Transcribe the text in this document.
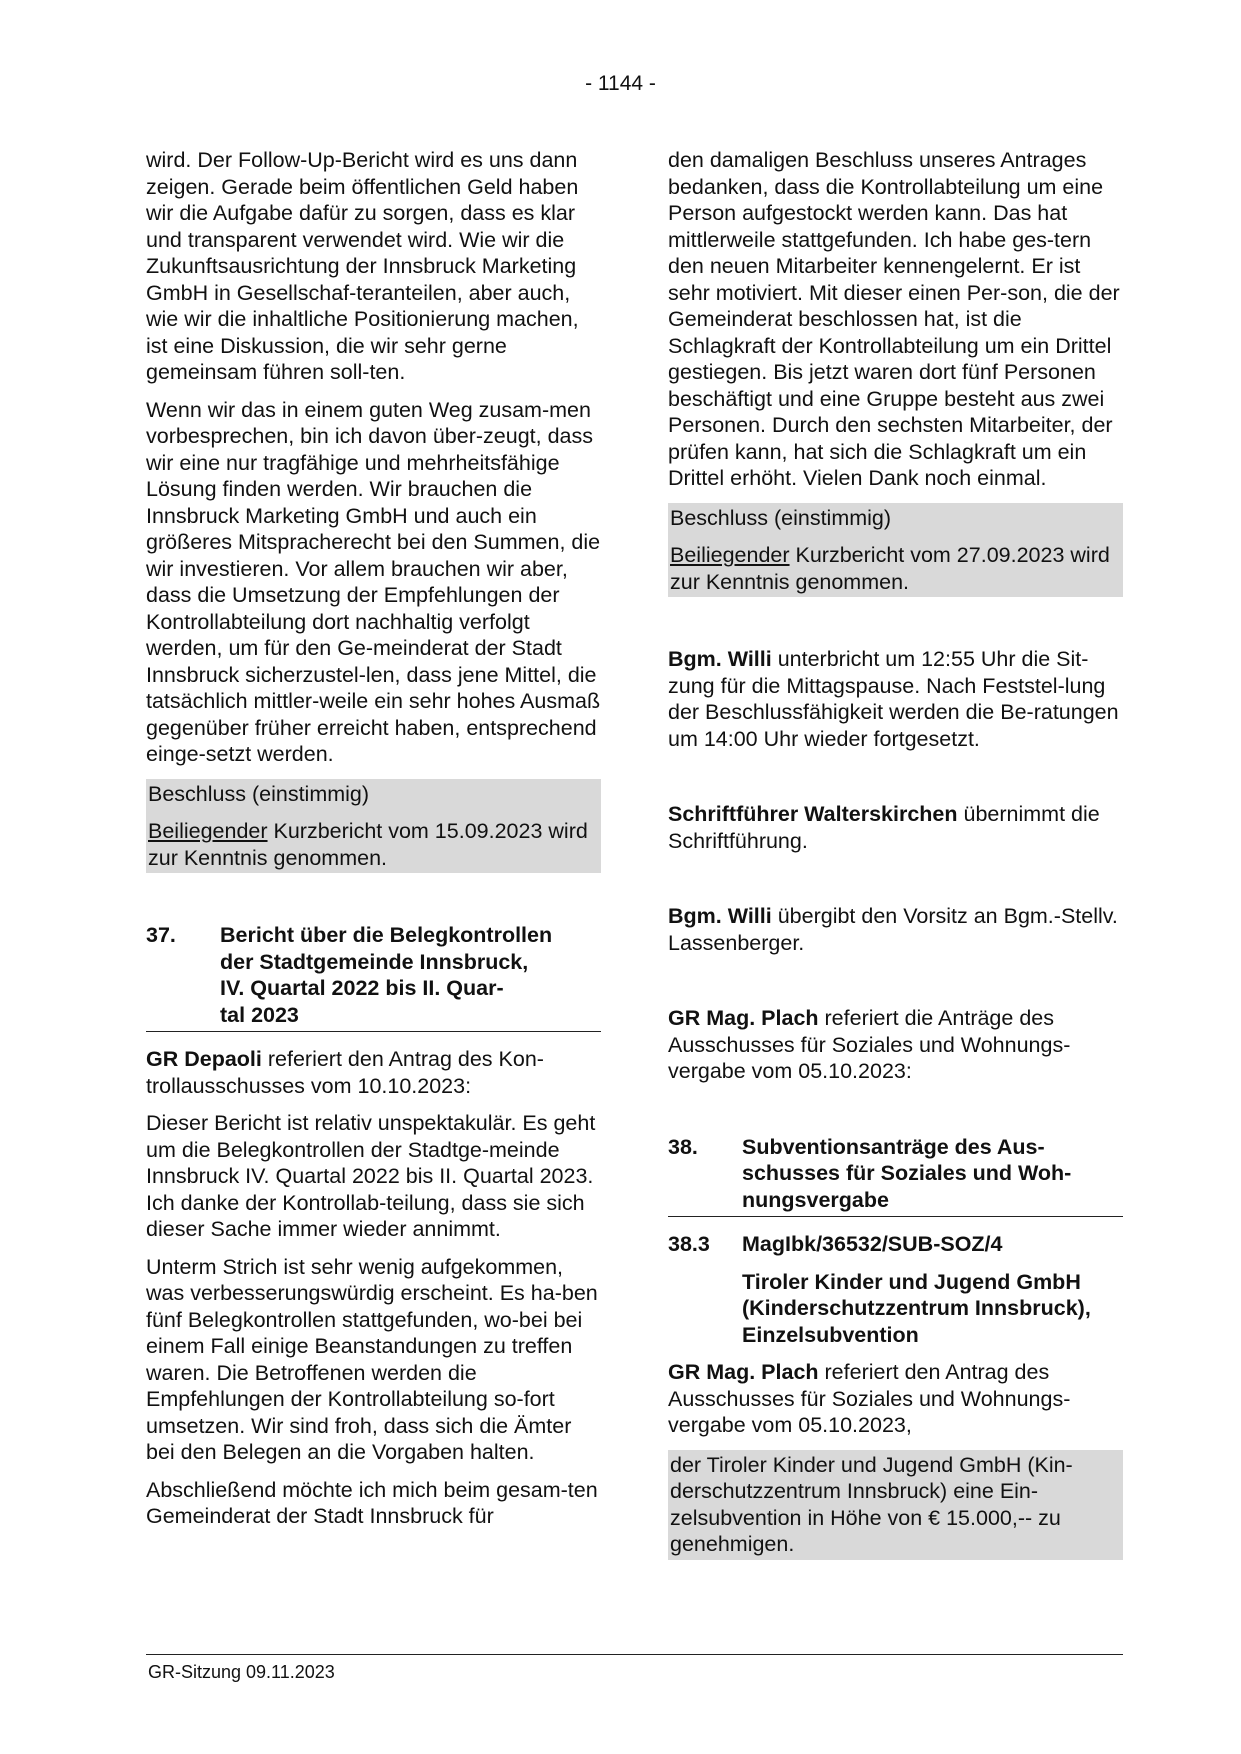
- 1144 -

wird. Der Follow-Up-Bericht wird es uns dann zeigen. Gerade beim öffentlichen Geld haben wir die Aufgabe dafür zu sorgen, dass es klar und transparent verwendet wird. Wie wir die Zukunftsausrichtung der Innsbruck Marketing GmbH in Gesellschaf-teranteilen, aber auch, wie wir die inhaltliche Positionierung machen, ist eine Diskussion, die wir sehr gerne gemeinsam führen soll-ten.

Wenn wir das in einem guten Weg zusam-men vorbesprechen, bin ich davon über-zeugt, dass wir eine nur tragfähige und mehrheitsfähige Lösung finden werden. Wir brauchen die Innsbruck Marketing GmbH und auch ein größeres Mitspracherecht bei den Summen, die wir investieren. Vor allem brauchen wir aber, dass die Umsetzung der Empfehlungen der Kontrollabteilung dort nachhaltig verfolgt werden, um für den Ge-meinderat der Stadt Innsbruck sicherzustel-len, dass jene Mittel, die tatsächlich mittler-weile ein sehr hohes Ausmaß gegenüber früher erreicht haben, entsprechend einge-setzt werden.

Beschluss (einstimmig)

Beiliegender Kurzbericht vom 15.09.2023 wird zur Kenntnis genommen.

37.	Bericht über die Belegkontrollen
der Stadtgemeinde Innsbruck,
IV. Quartal 2022 bis II. Quar-
tal 2023

GR Depaoli referiert den Antrag des Kon-trollausschusses vom 10.10.2023:

Dieser Bericht ist relativ unspektakulär. Es geht um die Belegkontrollen der Stadtge-meinde Innsbruck IV. Quartal 2022 bis II. Quartal 2023. Ich danke der Kontrollab-teilung, dass sie sich dieser Sache immer wieder annimmt.

Unterm Strich ist sehr wenig aufgekommen, was verbesserungswürdig erscheint. Es ha-ben fünf Belegkontrollen stattgefunden, wo-bei bei einem Fall einige Beanstandungen zu treffen waren. Die Betroffenen werden die Empfehlungen der Kontrollabteilung so-fort umsetzen. Wir sind froh, dass sich die Ämter bei den Belegen an die Vorgaben halten.

Abschließend möchte ich mich beim gesam-ten Gemeinderat der Stadt Innsbruck für

den damaligen Beschluss unseres Antrages bedanken, dass die Kontrollabteilung um eine Person aufgestockt werden kann. Das hat mittlerweile stattgefunden. Ich habe ges-tern den neuen Mitarbeiter kennengelernt. Er ist sehr motiviert. Mit dieser einen Per-son, die der Gemeinderat beschlossen hat, ist die Schlagkraft der Kontrollabteilung um ein Drittel gestiegen. Bis jetzt waren dort fünf Personen beschäftigt und eine Gruppe besteht aus zwei Personen. Durch den sechsten Mitarbeiter, der prüfen kann, hat sich die Schlagkraft um ein Drittel erhöht. Vielen Dank noch einmal.

Beschluss (einstimmig)

Beiliegender Kurzbericht vom 27.09.2023 wird zur Kenntnis genommen.

Bgm. Willi unterbricht um 12:55 Uhr die Sit-zung für die Mittagspause. Nach Feststel-lung der Beschlussfähigkeit werden die Be-ratungen um 14:00 Uhr wieder fortgesetzt.

Schriftführer Walterskirchen übernimmt die Schriftführung.

Bgm. Willi übergibt den Vorsitz an Bgm.-Stellv. Lassenberger.

GR Mag. Plach referiert die Anträge des Ausschusses für Soziales und Wohnungs-vergabe vom 05.10.2023:

38.	Subventionsanträge des Aus-
schusses für Soziales und Woh-
nungsvergabe
38.3	MagIbk/36532/SUB-SOZ/4
Tiroler Kinder und Jugend GmbH (Kinderschutzzentrum Innsbruck), Einzelsubvention

GR Mag. Plach referiert den Antrag des Ausschusses für Soziales und Wohnungs-vergabe vom 05.10.2023,

der Tiroler Kinder und Jugend GmbH (Kin-derschutzzentrum Innsbruck) eine Ein-zelsubvention in Höhe von € 15.000,-- zu genehmigen.

GR-Sitzung 09.11.2023
